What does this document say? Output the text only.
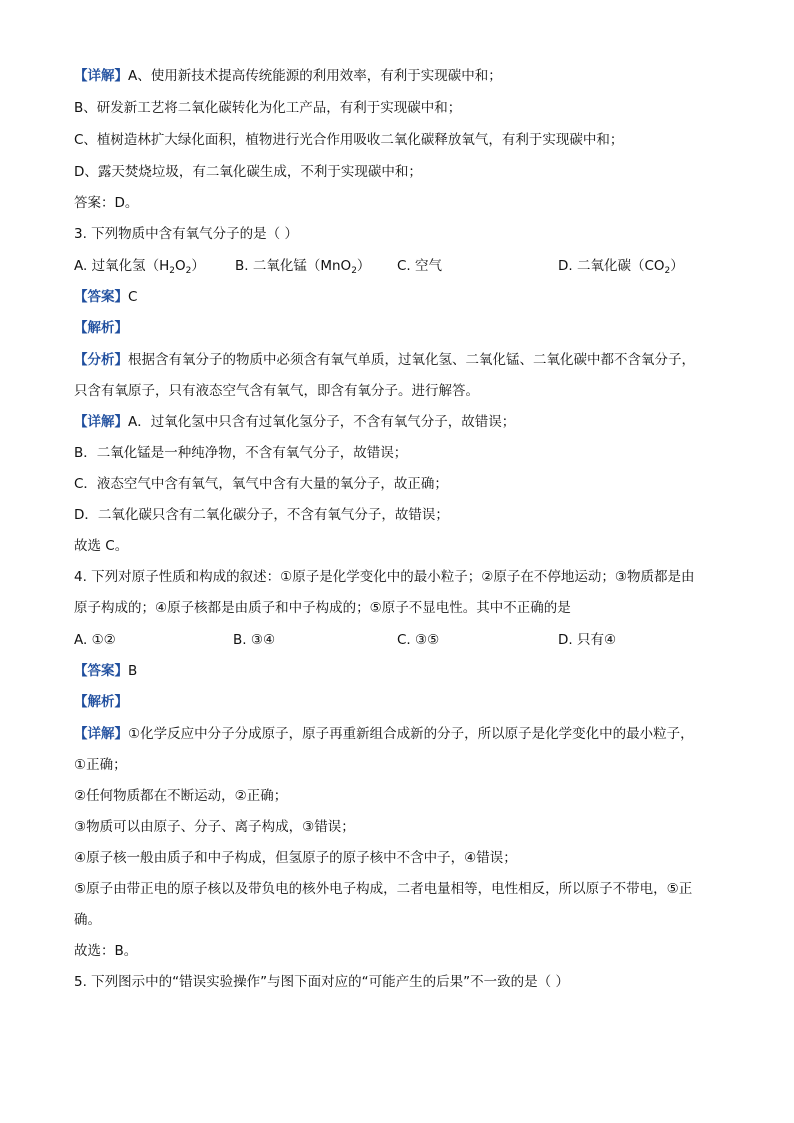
【详解】A、使用新技术提高传统能源的利用效率，有利于实现碳中和；
B、研发新工艺将二氧化碳转化为化工产品，有利于实现碳中和；
C、植树造林扩大绿化面积，植物进行光合作用吸收二氧化碳释放氧气，有利于实现碳中和；
D、露天焚烧垃圾，有二氧化碳生成，不利于实现碳中和；
答案：D。
3. 下列物质中含有氧气分子的是（ ）
A. 过氧化氢$(H_2O_2)$ B. 二氧化锰（MnO$_2$） C. 空气	D. 二氧化碳$(CO_2)$
【答案】C
【解析】
【分析】根据含有氧分子的物质中必须含有氧气单质，过氧化氢、二氧化锰、二氧化碳中都不含氧分子，
只含有氧原子，只有液态空气含有氧气，即含有氧分子。进行解答。
【详解】A．过氧化氢中只含有过氧化氢分子，不含有氧气分子，故错误；
B．二氧化锰是一种纯净物，不含有氧气分子，故错误；
C．液态空气中含有氧气，氧气中含有大量的氧分子，故正确；
D．二氧化碳只含有二氧化碳分子，不含有氧气分子，故错误；
故选 C。
4. 下列对原子性质和构成的叙述：①原子是化学变化中的最小粒子；②原子在不停地运动；③物质都是由
原子构成的；④原子核都是由质子和中子构成的；⑤原子不显电性。其中不正确的是
A. ①②	B. ③④	C. ③⑤	D. 只有④
【答案】B
【解析】
【详解】①化学反应中分子分成原子，原子再重新组合成新的分子，所以原子是化学变化中的最小粒子，
①正确；
②任何物质都在不断运动，②正确；
③物质可以由原子、分子、离子构成，③错误；
④原子核一般由质子和中子构成，但氢原子的原子核中不含中子，④错误；
⑤原子由带正电的原子核以及带负电的核外电子构成，二者电量相等，电性相反，所以原子不带电，⑤正
确。
故选：B。
5. 下列图示中的“错误实验操作”与图下面对应的“可能产生的后果”不一致的是（ ）
